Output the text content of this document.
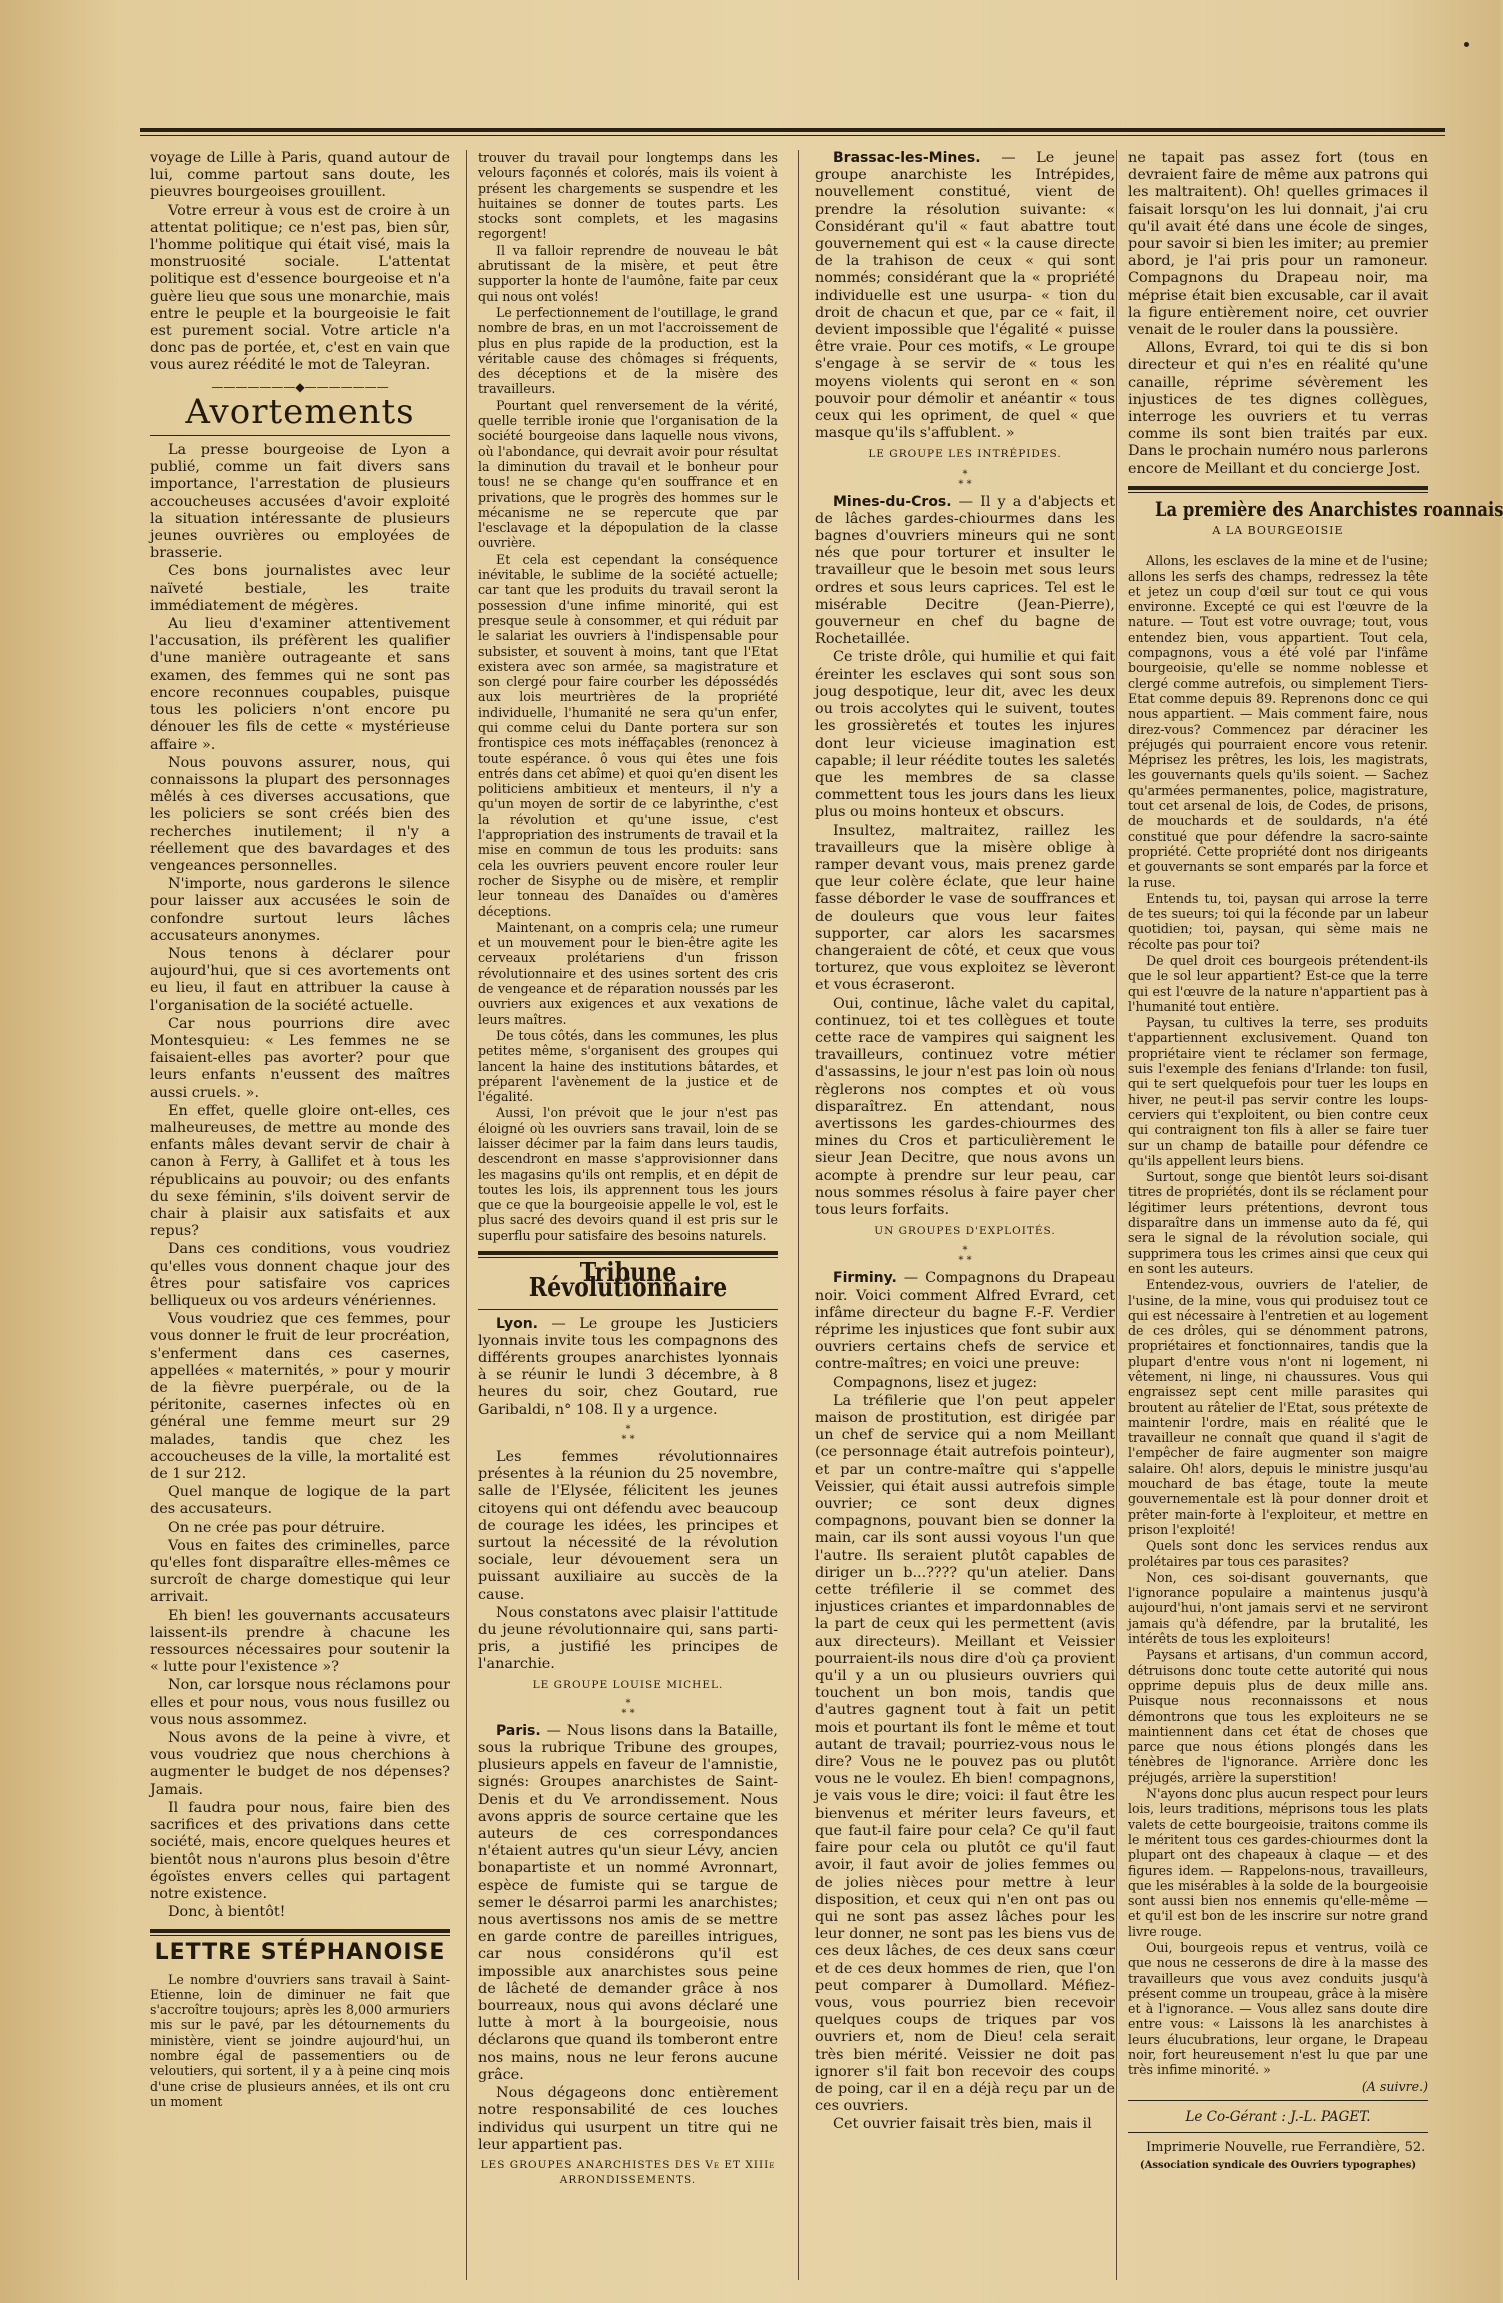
voyage de Lille à Paris, quand autour de lui, comme partout sans doute, les pieuvres bourgeoises grouillent.

Votre erreur à vous est de croire à un attentat politique; ce n'est pas, bien sûr, l'homme politique qui était visé, mais la monstruosité sociale. L'attentat politique est d'essence bourgeoise et n'a guère lieu que sous une monarchie, mais entre le peuple et la bourgeoisie le fait est purement social. Votre article n'a donc pas de portée, et, c'est en vain que vous aurez réédité le mot de Taleyran.

———————◆———————
Avortements

La presse bourgeoise de Lyon a publié, comme un fait divers sans importance, l'arrestation de plusieurs accoucheuses accusées d'avoir exploité la situation intéressante de plusieurs jeunes ouvrières ou employées de brasserie.

Ces bons journalistes avec leur naïveté bestiale, les traite immédiatement de mégères.

Au lieu d'examiner attentivement l'accusation, ils préfèrent les qualifier d'une manière outrageante et sans examen, des femmes qui ne sont pas encore reconnues coupables, puisque tous les policiers n'ont encore pu dénouer les fils de cette « mystérieuse affaire ».

Nous pouvons assurer, nous, qui connaissons la plupart des personnages mêlés à ces diverses accusations, que les policiers se sont créés bien des recherches inutilement; il n'y a réellement que des bavardages et des vengeances personnelles.

N'importe, nous garderons le silence pour laisser aux accusées le soin de confondre surtout leurs lâches accusateurs anonymes.

Nous tenons à déclarer pour aujourd'hui, que si ces avortements ont eu lieu, il faut en attribuer la cause à l'organisation de la société actuelle.

Car nous pourrions dire avec Montesquieu: « Les femmes ne se faisaient-elles pas avorter? pour que leurs enfants n'eussent des maîtres aussi cruels. ».

En effet, quelle gloire ont-elles, ces malheureuses, de mettre au monde des enfants mâles devant servir de chair à canon à Ferry, à Gallifet et à tous les républicains au pouvoir; ou des enfants du sexe féminin, s'ils doivent servir de chair à plaisir aux satisfaits et aux repus?

Dans ces conditions, vous voudriez qu'elles vous donnent chaque jour des êtres pour satisfaire vos caprices belliqueux ou vos ardeurs vénériennes.

Vous voudriez que ces femmes, pour vous donner le fruit de leur procréation, s'enferment dans ces casernes, appellées « maternités, » pour y mourir de la fièvre puerpérale, ou de la péritonite, casernes infectes où en général une femme meurt sur 29 malades, tandis que chez les accoucheuses de la ville, la mortalité est de 1 sur 212.

Quel manque de logique de la part des accusateurs.

On ne crée pas pour détruire.

Vous en faites des criminelles, parce qu'elles font disparaître elles-mêmes ce surcroît de charge domestique qui leur arrivait.

Eh bien! les gouvernants accusateurs laissent-ils prendre à chacune les ressources nécessaires pour soutenir la « lutte pour l'existence »?

Non, car lorsque nous réclamons pour elles et pour nous, vous nous fusillez ou vous nous assommez.

Nous avons de la peine à vivre, et vous voudriez que nous cherchions à augmenter le budget de nos dépenses? Jamais.

Il faudra pour nous, faire bien des sacrifices et des privations dans cette société, mais, encore quelques heures et bientôt nous n'aurons plus besoin d'être égoïstes envers celles qui partagent notre existence.

Donc, à bientôt!

LETTRE STÉPHANOISE

Le nombre d'ouvriers sans travail à Saint-Etienne, loin de diminuer ne fait que s'accroître toujours; après les 8,000 armuriers mis sur le pavé, par les détournements du ministère, vient se joindre aujourd'hui, un nombre égal de passementiers ou de veloutiers, qui sortent, il y a à peine cinq mois d'une crise de plusieurs années, et ils ont cru un moment

trouver du travail pour longtemps dans les velours façonnés et colorés, mais ils voient à présent les chargements se suspendre et les huitaines se donner de toutes parts. Les stocks sont complets, et les magasins regorgent!

Il va falloir reprendre de nouveau le bât abrutissant de la misère, et peut être supporter la honte de l'aumône, faite par ceux qui nous ont volés!

Le perfectionnement de l'outillage, le grand nombre de bras, en un mot l'accroissement de plus en plus rapide de la production, est la véritable cause des chômages si fréquents, des déceptions et de la misère des travailleurs.

Pourtant quel renversement de la vérité, quelle terrible ironie que l'organisation de la société bourgeoise dans laquelle nous vivons, où l'abondance, qui devrait avoir pour résultat la diminution du travail et le bonheur pour tous! ne se change qu'en souffrance et en privations, que le progrès des hommes sur le mécanisme ne se repercute que par l'esclavage et la dépopulation de la classe ouvrière.

Et cela est cependant la conséquence inévitable, le sublime de la société actuelle; car tant que les produits du travail seront la possession d'une infime minorité, qui est presque seule à consommer, et qui réduit par le salariat les ouvriers à l'indispensable pour subsister, et souvent à moins, tant que l'Etat existera avec son armée, sa magistrature et son clergé pour faire courber les dépossédés aux lois meurtrières de la propriété individuelle, l'humanité ne sera qu'un enfer, qui comme celui du Dante portera sur son frontispice ces mots inéffaçables (renoncez à toute espérance. ô vous qui êtes une fois entrés dans cet abîme) et quoi qu'en disent les politiciens ambitieux et menteurs, il n'y a qu'un moyen de sortir de ce labyrinthe, c'est la révolution et qu'une issue, c'est l'appropriation des instruments de travail et la mise en commun de tous les produits: sans cela les ouvriers peuvent encore rouler leur rocher de Sisyphe ou de misère, et remplir leur tonneau des Danaïdes ou d'amères déceptions.

Maintenant, on a compris cela; une rumeur et un mouvement pour le bien-être agite les cerveaux prolétariens d'un frisson révolutionnaire et des usines sortent des cris de vengeance et de réparation noussés par les ouvriers aux exigences et aux vexations de leurs maîtres.

De tous côtés, dans les communes, les plus petites même, s'organisent des groupes qui lancent la haine des institutions bâtardes, et préparent l'avènement de la justice et de l'égalité.

Aussi, l'on prévoit que le jour n'est pas éloigné où les ouvriers sans travail, loin de se laisser décimer par la faim dans leurs taudis, descendront en masse s'approvisionner dans les magasins qu'ils ont remplis, et en dépit de toutes les lois, ils apprennent tous les jours que ce que la bourgeoisie appelle le vol, est le plus sacré des devoirs quand il est pris sur le superflu pour satisfaire des besoins naturels.

Tribune Révolutionnaire

Lyon. — Le groupe les Justiciers lyonnais invite tous les compagnons des différents groupes anarchistes lyonnais à se réunir le lundi 3 décembre, à 8 heures du soir, chez Goutard, rue Garibaldi, n° 108. Il y a urgence.

*
* *

Les femmes révolutionnaires présentes à la réunion du 25 novembre, salle de l'Elysée, félicitent les jeunes citoyens qui ont défendu avec beaucoup de courage les idées, les principes et surtout la nécessité de la révolution sociale, leur dévouement sera un puissant auxiliaire au succès de la cause.

Nous constatons avec plaisir l'attitude du jeune révolutionnaire qui, sans parti-pris, a justifié les principes de l'anarchie.

LE GROUPE LOUISE MICHEL.
*
* *

Paris. — Nous lisons dans la Bataille, sous la rubrique Tribune des groupes, plusieurs appels en faveur de l'amnistie, signés: Groupes anarchistes de Saint-Denis et du Ve arrondissement. Nous avons appris de source certaine que les auteurs de ces correspondances n'étaient autres qu'un sieur Lévy, ancien bonapartiste et un nommé Avronnart, espèce de fumiste qui se targue de semer le désarroi parmi les anarchistes; nous avertissons nos amis de se mettre en garde contre de pareilles intrigues, car nous considérons qu'il est impossible aux anarchistes sous peine de lâcheté de demander grâce à nos bourreaux, nous qui avons déclaré une lutte à mort à la bourgeoisie, nous déclarons que quand ils tomberont entre nos mains, nous ne leur ferons aucune grâce.

Nous dégageons donc entièrement notre responsabilité de ces louches individus qui usurpent un titre qui ne leur appartient pas.

LES GROUPES ANARCHISTES DES Ve ET XIIIe ARRONDISSEMENTS.

Brassac-les-Mines. — Le jeune groupe anarchiste les Intrépides, nouvellement constitué, vient de prendre la résolution suivante: « Considérant qu'il « faut abattre tout gouvernement qui est « la cause directe de la trahison de ceux « qui sont nommés; considérant que la « propriété individuelle est une usurpa- « tion du droit de chacun et que, par ce « fait, il devient impossible que l'égalité « puisse être vraie. Pour ces motifs, « Le groupe s'engage à se servir de « tous les moyens violents qui seront en « son pouvoir pour démolir et anéantir « tous ceux qui les opriment, de quel « que masque qu'ils s'affublent. »

LE GROUPE LES INTRÉPIDES.
*
* *

Mines-du-Cros. — Il y a d'abjects et de lâches gardes-chiourmes dans les bagnes d'ouvriers mineurs qui ne sont nés que pour torturer et insulter le travailleur que le besoin met sous leurs ordres et sous leurs caprices. Tel est le misérable Decitre (Jean-Pierre), gouverneur en chef du bagne de Rochetaillée.

Ce triste drôle, qui humilie et qui fait éreinter les esclaves qui sont sous son joug despotique, leur dit, avec les deux ou trois accolytes qui le suivent, toutes les grossièretés et toutes les injures dont leur vicieuse imagination est capable; il leur réédite toutes les saletés que les membres de sa classe commettent tous les jours dans les lieux plus ou moins honteux et obscurs.

Insultez, maltraitez, raillez les travailleurs que la misère oblige à ramper devant vous, mais prenez garde que leur colère éclate, que leur haine fasse déborder le vase de souffrances et de douleurs que vous leur faites supporter, car alors les sacarsmes changeraient de côté, et ceux que vous torturez, que vous exploitez se lèveront et vous écraseront.

Oui, continue, lâche valet du capital, continuez, toi et tes collègues et toute cette race de vampires qui saignent les travailleurs, continuez votre métier d'assassins, le jour n'est pas loin où nous règlerons nos comptes et où vous disparaîtrez. En attendant, nous avertissons les gardes-chiourmes des mines du Cros et particulièrement le sieur Jean Decitre, que nous avons un acompte à prendre sur leur peau, car nous sommes résolus à faire payer cher tous leurs forfaits.

UN GROUPES D'EXPLOITÉS.
*
* *

Firminy. — Compagnons du Drapeau noir. Voici comment Alfred Evrard, cet infâme directeur du bagne F.-F. Verdier réprime les injustices que font subir aux ouvriers certains chefs de service et contre-maîtres; en voici une preuve:

Compagnons, lisez et jugez:

La tréfilerie que l'on peut appeler maison de prostitution, est dirigée par un chef de service qui a nom Meillant (ce personnage était autrefois pointeur), et par un contre-maître qui s'appelle Veissier, qui était aussi autrefois simple ouvrier; ce sont deux dignes compagnons, pouvant bien se donner la main, car ils sont aussi voyous l'un que l'autre. Ils seraient plutôt capables de diriger un b...???? qu'un atelier. Dans cette tréfilerie il se commet des injustices criantes et impardonnables de la part de ceux qui les permettent (avis aux directeurs). Meillant et Veissier pourraient-ils nous dire d'où ça provient qu'il y a un ou plusieurs ouvriers qui touchent un bon mois, tandis que d'autres gagnent tout à fait un petit mois et pourtant ils font le même et tout autant de travail; pourriez-vous nous le dire? Vous ne le pouvez pas ou plutôt vous ne le voulez. Eh bien! compagnons, je vais vous le dire; voici: il faut être les bienvenus et mériter leurs faveurs, et que faut-il faire pour cela? Ce qu'il faut faire pour cela ou plutôt ce qu'il faut avoir, il faut avoir de jolies femmes ou de jolies nièces pour mettre à leur disposition, et ceux qui n'en ont pas ou qui ne sont pas assez lâches pour les leur donner, ne sont pas les biens vus de ces deux lâches, de ces deux sans cœur et de ces deux hommes de rien, que l'on peut comparer à Dumollard. Méfiez-vous, vous pourriez bien recevoir quelques coups de triques par vos ouvriers et, nom de Dieu! cela serait très bien mérité. Veissier ne doit pas ignorer s'il fait bon recevoir des coups de poing, car il en a déjà reçu par un de ces ouvriers.

Cet ouvrier faisait très bien, mais il

ne tapait pas assez fort (tous en devraient faire de même aux patrons qui les maltraitent). Oh! quelles grimaces il faisait lorsqu'on les lui donnait, j'ai cru qu'il avait été dans une école de singes, pour savoir si bien les imiter; au premier abord, je l'ai pris pour un ramoneur. Compagnons du Drapeau noir, ma méprise était bien excusable, car il avait la figure entièrement noire, cet ouvrier venait de le rouler dans la poussière.

Allons, Evrard, toi qui te dis si bon directeur et qui n'es en réalité qu'une canaille, réprime sévèrement les injustices de tes dignes collègues, interroge les ouvriers et tu verras comme ils sont bien traités par eux. Dans le prochain numéro nous parlerons encore de Meillant et du concierge Jost.

La première des Anarchistes roannais
A LA BOURGEOISIE

Allons, les esclaves de la mine et de l'usine; allons les serfs des champs, redressez la tête et jetez un coup d'œil sur tout ce qui vous environne. Excepté ce qui est l'œuvre de la nature. — Tout est votre ouvrage; tout, vous entendez bien, vous appartient. Tout cela, compagnons, vous a été volé par l'infâme bourgeoisie, qu'elle se nomme noblesse et clergé comme autrefois, ou simplement Tiers-Etat comme depuis 89. Reprenons donc ce qui nous appartient. — Mais comment faire, nous direz-vous? Commencez par déraciner les préjugés qui pourraient encore vous retenir. Méprisez les prêtres, les lois, les magistrats, les gouvernants quels qu'ils soient. — Sachez qu'armées permanentes, police, magistrature, tout cet arsenal de lois, de Codes, de prisons, de mouchards et de souldards, n'a été constitué que pour défendre la sacro-sainte propriété. Cette propriété dont nos dirigeants et gouvernants se sont emparés par la force et la ruse.

Entends tu, toi, paysan qui arrose la terre de tes sueurs; toi qui la féconde par un labeur quotidien; toi, paysan, qui sème mais ne récolte pas pour toi?

De quel droit ces bourgeois prétendent-ils que le sol leur appartient? Est-ce que la terre qui est l'œuvre de la nature n'appartient pas à l'humanité tout entière.

Paysan, tu cultives la terre, ses produits t'appartiennent exclusivement. Quand ton propriétaire vient te réclamer son fermage, suis l'exemple des fenians d'Irlande: ton fusil, qui te sert quelquefois pour tuer les loups en hiver, ne peut-il pas servir contre les loups-cerviers qui t'exploitent, ou bien contre ceux qui contraignent ton fils à aller se faire tuer sur un champ de bataille pour défendre ce qu'ils appellent leurs biens.

Surtout, songe que bientôt leurs soi-disant titres de propriétés, dont ils se réclament pour légitimer leurs prétentions, devront tous disparaître dans un immense auto da fé, qui sera le signal de la révolution sociale, qui supprimera tous les crimes ainsi que ceux qui en sont les auteurs.

Entendez-vous, ouvriers de l'atelier, de l'usine, de la mine, vous qui produisez tout ce qui est nécessaire à l'entretien et au logement de ces drôles, qui se dénomment patrons, propriétaires et fonctionnaires, tandis que la plupart d'entre vous n'ont ni logement, ni vêtement, ni linge, ni chaussures. Vous qui engraissez sept cent mille parasites qui broutent au râtelier de l'Etat, sous prétexte de maintenir l'ordre, mais en réalité que le travailleur ne connaît que quand il s'agit de l'empêcher de faire augmenter son maigre salaire. Oh! alors, depuis le ministre jusqu'au mouchard de bas étage, toute la meute gouvernementale est là pour donner droit et prêter main-forte à l'exploiteur, et mettre en prison l'exploité!

Quels sont donc les services rendus aux prolétaires par tous ces parasites?

Non, ces soi-disant gouvernants, que l'ignorance populaire a maintenus jusqu'à aujourd'hui, n'ont jamais servi et ne serviront jamais qu'à défendre, par la brutalité, les intérêts de tous les exploiteurs!

Paysans et artisans, d'un commun accord, détruisons donc toute cette autorité qui nous opprime depuis plus de deux mille ans. Puisque nous reconnaissons et nous démontrons que tous les exploiteurs ne se maintiennent dans cet état de choses que parce que nous étions plongés dans les ténèbres de l'ignorance. Arrière donc les préjugés, arrière la superstition!

N'ayons donc plus aucun respect pour leurs lois, leurs traditions, méprisons tous les plats valets de cette bourgeoisie, traitons comme ils le méritent tous ces gardes-chiourmes dont la plupart ont des chapeaux à claque — et des figures idem. — Rappelons-nous, travailleurs, que les misérables à la solde de la bourgeoisie sont aussi bien nos ennemis qu'elle-même — et qu'il est bon de les inscrire sur notre grand livre rouge.

Oui, bourgeois repus et ventrus, voilà ce que nous ne cesserons de dire à la masse des travailleurs que vous avez conduits jusqu'à présent comme un troupeau, grâce à la misère et à l'ignorance. — Vous allez sans doute dire entre vous: « Laissons là les anarchistes à leurs élucubrations, leur organe, le Drapeau noir, fort heureusement n'est lu que par une très infime minorité. »

(A suivre.)

Le Co-Gérant : J.-L. PAGET.

Imprimerie Nouvelle, rue Ferrandière, 52.

(Association syndicale des Ouvriers typographes)
